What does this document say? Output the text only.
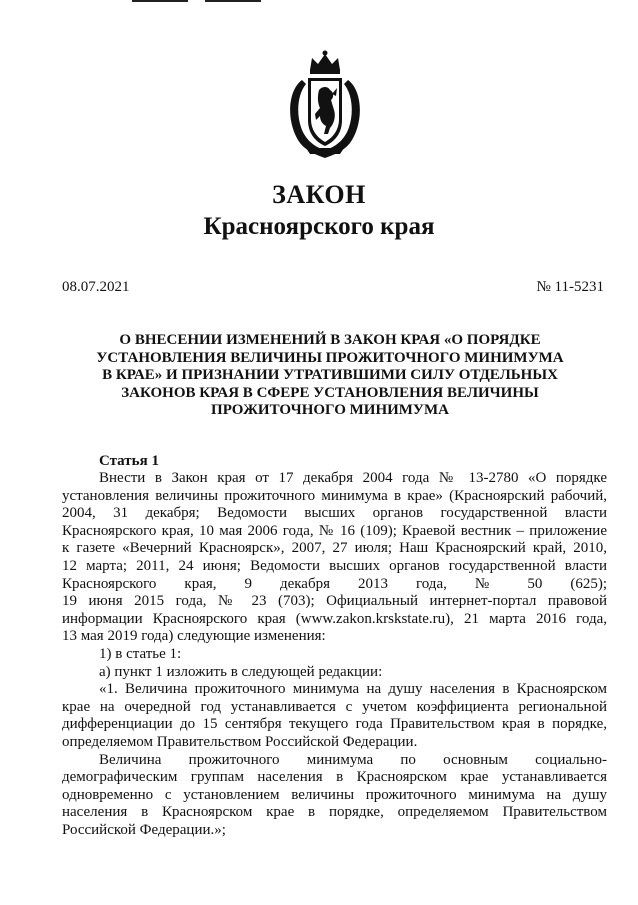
ЗАКОН
Красноярского края
08.07.2021	№ 11-5231
О ВНЕСЕНИИ ИЗМЕНЕНИЙ В ЗАКОН КРАЯ «О ПОРЯДКЕ
УСТАНОВЛЕНИЯ ВЕЛИЧИНЫ ПРОЖИТОЧНОГО МИНИМУМА
В КРАЕ» И ПРИЗНАНИИ УТРАТИВШИМИ СИЛУ ОТДЕЛЬНЫХ
ЗАКОНОВ КРАЯ В СФЕРЕ УСТАНОВЛЕНИЯ ВЕЛИЧИНЫ
ПРОЖИТОЧНОГО МИНИМУМА
Статья 1
Внести в Закон края от 17 декабря 2004 года № 13-2780 «О порядке
установления величины прожиточного минимума в крае» (Красноярский рабочий,
2004, 31 декабря; Ведомости высших органов государственной власти
Красноярского края, 10 мая 2006 года, № 16 (109); Краевой вестник – приложение
к газете «Вечерний Красноярск», 2007, 27 июля; Наш Красноярский край, 2010,
12 марта; 2011, 24 июня; Ведомости высших органов государственной власти
Красноярского края, 9 декабря 2013 года, № 50 (625);
19 июня 2015 года, № 23 (703); Официальный интернет-портал правовой
информации Красноярского края (www.zakon.krskstate.ru), 21 марта 2016 года,
13 мая 2019 года) следующие изменения:
1) в статье 1:
а) пункт 1 изложить в следующей редакции:
«1. Величина прожиточного минимума на душу населения в Красноярском
крае на очередной год устанавливается с учетом коэффициента региональной
дифференциации до 15 сентября текущего года Правительством края в порядке,
определяемом Правительством Российской Федерации.
Величина прожиточного минимума по основным социально-
демографическим группам населения в Красноярском крае устанавливается
одновременно с установлением величины прожиточного минимума на душу
населения в Красноярском крае в порядке, определяемом Правительством
Российской Федерации.»;
